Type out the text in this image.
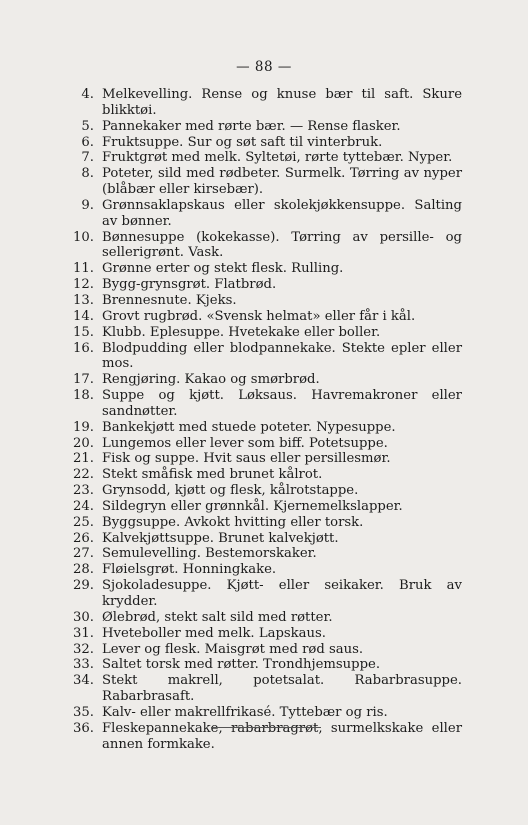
— 88 —
4. Melkevelling. Rense og knuse bær til saft. Skure blikktøi.
5. Pannekaker med rørte bær. — Rense flasker.
6. Fruktsuppe. Sur og søt saft til vinterbruk.
7. Fruktgrøt med melk. Syltetøi, rørte tyttebær. Nyper.
8. Poteter, sild med rødbeter. Surmelk. Tørring av nyper (blåbær eller kirsebær).
9. Grønnsaklapskaus eller skolekjøkkensuppe. Salting av bønner.
10. Bønnesuppe (kokekasse). Tørring av persille- og sellerigrønt. Vask.
11. Grønne erter og stekt flesk. Rulling.
12. Bygg-grynsgrøt. Flatbrød.
13. Brennesnute. Kjeks.
14. Grovt rugbrød. «Svensk helmat» eller får i kål.
15. Klubb. Eplesuppe. Hvetekake eller boller.
16. Blodpudding eller blodpannekake. Stekte epler eller mos.
17. Rengjøring. Kakao og smørbrød.
18. Suppe og kjøtt. Løksaus. Havremakroner eller sandnøtter.
19. Bankekjøtt med stuede poteter. Nypesuppe.
20. Lungemos eller lever som biff. Potetsuppe.
21. Fisk og suppe. Hvit saus eller persillesmør.
22. Stekt småfisk med brunet kålrot.
23. Grynsodd, kjøtt og flesk, kålrotstappe.
24. Sildegryn eller grønnkål. Kjernemelkslapper.
25. Byggsuppe. Avkokt hvitting eller torsk.
26. Kalvekjøttsuppe. Brunet kalvekjøtt.
27. Semulevelling. Bestemorskaker.
28. Fløielsgrøt. Honningkake.
29. Sjokoladesuppe. Kjøtt- eller seikaker. Bruk av krydder.
30. Ølebrød, stekt salt sild med røtter.
31. Hveteboller med melk. Lapskaus.
32. Lever og flesk. Maisgrøt med rød saus.
33. Saltet torsk med røtter. Trondhjemsuppe.
34. Stekt makrell, potetsalat. Rabarbrasuppe. Rabarbrasaft.
35. Kalv- eller makrellfrikasé. Tyttebær og ris.
36. Fleskepannekake, rabarbragrøt, surmelkskake eller annen formkake.
